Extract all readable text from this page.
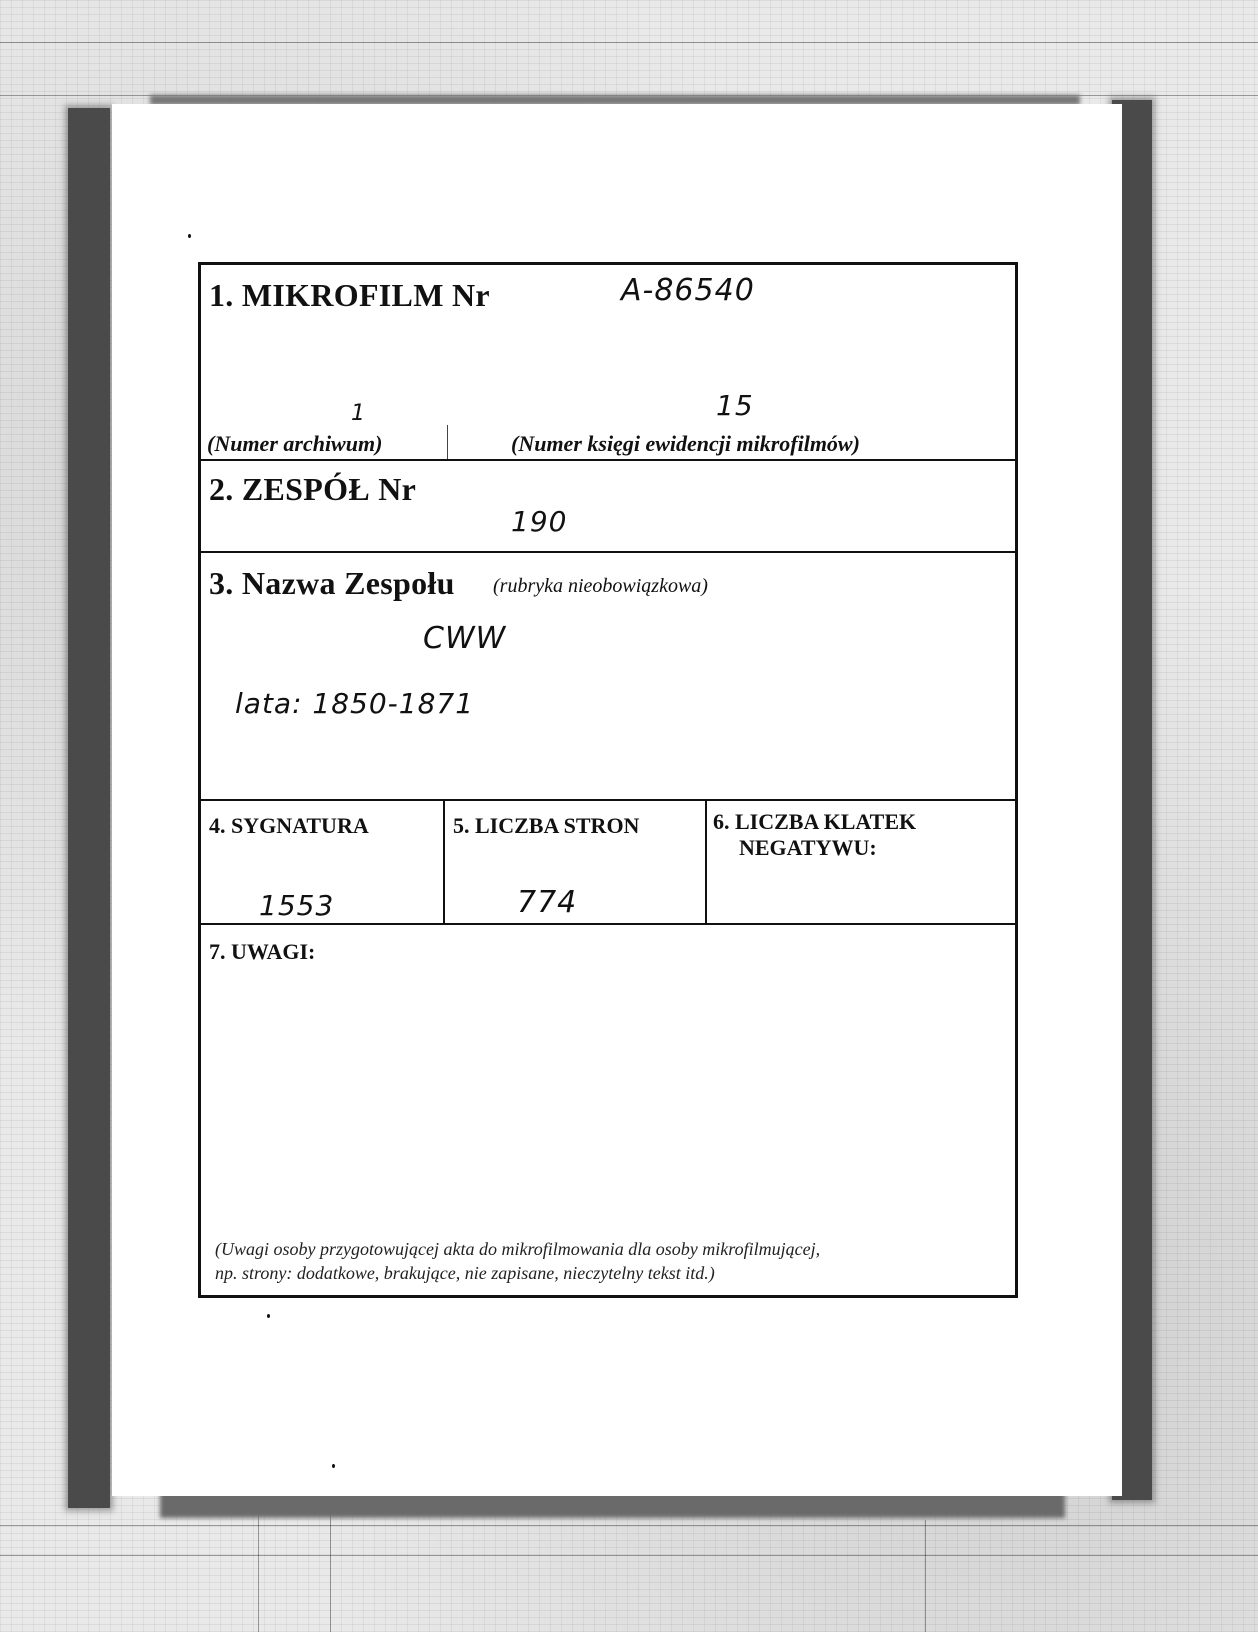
1. MIKROFILM Nr	A-86540
1	15
(Numer archiwum)	(Numer księgi ewidencji mikrofilmów)
2. ZESPÓŁ Nr
190
3. Nazwa Zespołu (rubryka nieobowiązkowa)
CWW
lata: 1850-1871
4. SYGNATURA
1553
5. LICZBA STRON
774
6. LICZBA KLATEK
NEGATYWU:
7. UWAGI:
(Uwagi osoby przygotowującej akta do mikrofilmowania dla osoby mikrofilmującej,
np. strony: dodatkowe, brakujące, nie zapisane, nieczytelny tekst itd.)
